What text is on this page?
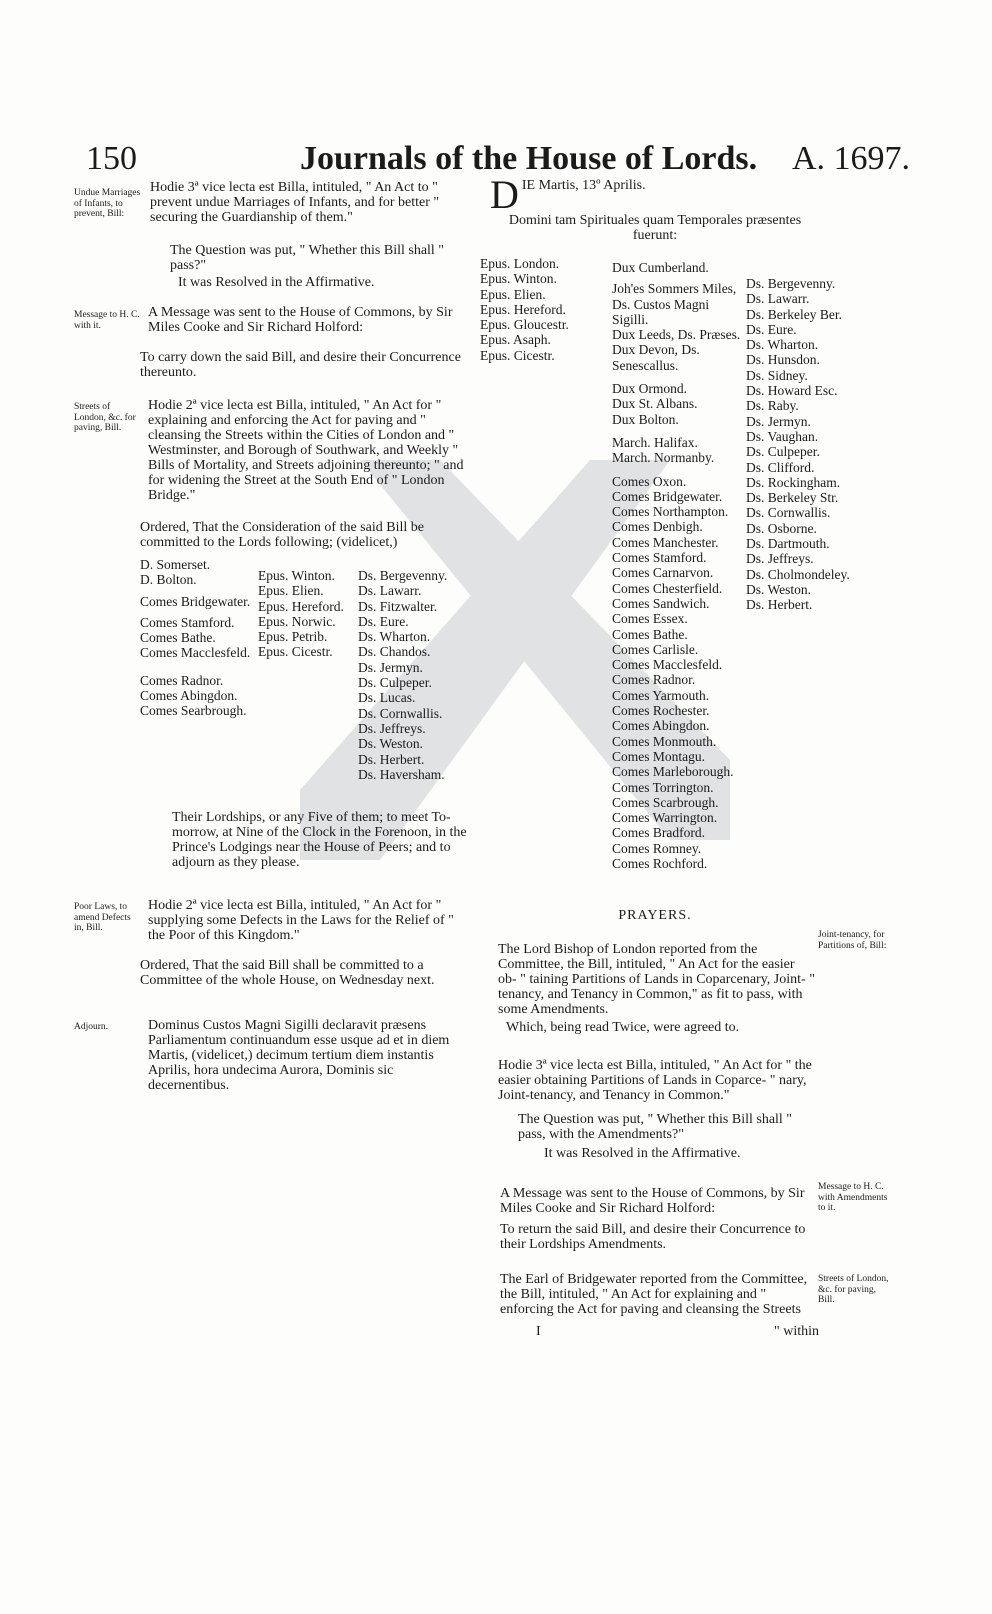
150	Journals of the House of Lords. A. 1697.
Undue Marriages of Infants, to prevent, Bill:
Hodie 3ª vice lecta est Billa, intituled, " An Act to " prevent undue Marriages of Infants, and for better " securing the Guardianship of them."
The Question was put, " Whether this Bill shall " pass?"
It was Resolved in the Affirmative.
Message to H. C. with it.
A Message was sent to the House of Commons, by Sir Miles Cooke and Sir Richard Holford:
To carry down the said Bill, and desire their Concurrence thereunto.
Streets of London, &c. for paving, Bill.
Hodie 2ª vice lecta est Billa, intituled, " An Act for " explaining and enforcing the Act for paving and " cleansing the Streets within the Cities of London and " Westminster, and Borough of Southwark, and Weekly " Bills of Mortality, and Streets adjoining thereunto; " and for widening the Street at the South End of " London Bridge."
Ordered, That the Consideration of the said Bill be committed to the Lords following; (videlicet,)
D. Somerset.
D. Bolton.
Comes Bridgewater.
Comes Stamford.
Comes Bathe.
Comes Macclesfeld.
Comes Radnor.
Comes Abingdon.
Comes Searbrough.
Epus. Winton.
Epus. Elien.
Epus. Hereford.
Epus. Norwic.
Epus. Petrib.
Epus. Cicestr.
Ds. Bergevenny.
Ds. Lawarr.
Ds. Fitzwalter.
Ds. Eure.
Ds. Wharton.
Ds. Chandos.
Ds. Jermyn.
Ds. Culpeper.
Ds. Lucas.
Ds. Cornwallis.
Ds. Jeffreys.
Ds. Weston.
Ds. Herbert.
Ds. Haversham.
Their Lordships, or any Five of them; to meet To-morrow, at Nine of the Clock in the Forenoon, in the Prince's Lodgings near the House of Peers; and to adjourn as they please.
Poor Laws, to amend Defects in, Bill.
Hodie 2ª vice lecta est Billa, intituled, " An Act for " supplying some Defects in the Laws for the Relief of " the Poor of this Kingdom."
Ordered, That the said Bill shall be committed to a Committee of the whole House, on Wednesday next.
Adjourn.	Dominus Custos Magni Sigilli declaravit præsens Parliamentum continuandum esse usque ad et in diem Martis, (videlicet,) decimum tertium diem instantis Aprilis, hora undecima Aurora, Dominis sic decernentibus.
D IE Martis, 13º Aprilis.
Domini tam Spirituales quam Temporales præsentes fuerunt:
Epus. London.
Epus. Winton.
Epus. Elien.
Epus. Hereford.
Epus. Gloucestr.
Epus. Asaph.
Epus. Cicestr.
Dux Cumberland.
Joh'es Sommers Miles, Ds. Custos Magni Sigilli.
Dux Leeds, Ds. Præses.
Dux Devon, Ds. Senescallus.
Dux Ormond.
Dux St. Albans.
Dux Bolton.
March. Halifax.
March. Normanby.
Comes Oxon.
Comes Bridgewater.
Comes Northampton.
Comes Denbigh.
Comes Manchester.
Comes Stamford.
Comes Carnarvon.
Comes Chesterfield.
Comes Sandwich.
Comes Essex.
Comes Bathe.
Comes Carlisle.
Comes Macclesfeld.
Comes Radnor.
Comes Yarmouth.
Comes Rochester.
Comes Abingdon.
Comes Monmouth.
Comes Montagu.
Comes Marleborough.
Comes Torrington.
Comes Scarbrough.
Comes Warrington.
Comes Bradford.
Comes Romney.
Comes Rochford.
Ds. Bergevenny.
Ds. Lawarr.
Ds. Berkeley Ber.
Ds. Eure.
Ds. Wharton.
Ds. Hunsdon.
Ds. Sidney.
Ds. Howard Esc.
Ds. Raby.
Ds. Jermyn.
Ds. Vaughan.
Ds. Culpeper.
Ds. Clifford.
Ds. Rockingham.
Ds. Berkeley Str.
Ds. Cornwallis.
Ds. Osborne.
Ds. Dartmouth.
Ds. Jeffreys.
Ds. Cholmondeley.
Ds. Weston.
Ds. Herbert.
PRAYERS.
Joint-tenancy, for Partitions of, Bill:
The Lord Bishop of London reported from the Committee, the Bill, intituled, " An Act for the easier ob- " taining Partitions of Lands in Coparcenary, Joint- " tenancy, and Tenancy in Common," as fit to pass, with some Amendments.
Which, being read Twice, were agreed to.
Hodie 3ª vice lecta est Billa, intituled, " An Act for " the easier obtaining Partitions of Lands in Coparce- " nary, Joint-tenancy, and Tenancy in Common."
The Question was put, " Whether this Bill shall " pass, with the Amendments?"
It was Resolved in the Affirmative.
Message to H. C. with Amendments to it.
A Message was sent to the House of Commons, by Sir Miles Cooke and Sir Richard Holford:
To return the said Bill, and desire their Concurrence to their Lordships Amendments.
Streets of London, &c. for paving, Bill.
The Earl of Bridgewater reported from the Committee, the Bill, intituled, " An Act for explaining and " enforcing the Act for paving and cleansing the Streets
I	" within
